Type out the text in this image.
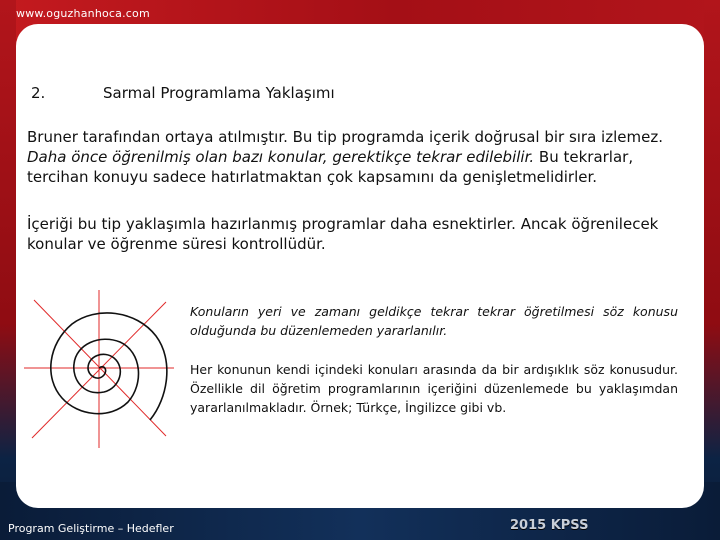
www.oguzhanhoca.com
2.	Sarmal Programlama Yaklaşımı
Bruner tarafından ortaya atılmıştır. Bu tip programda içerik doğrusal bir sıra izlemez. Daha önce öğrenilmiş olan bazı konular, gerektikçe tekrar edilebilir. Bu tekrarlar, tercihan konuyu sadece hatırlatmaktan çok kapsamını da genişletmelidirler.
İçeriği bu tip yaklaşımla hazırlanmış programlar daha esnektirler. Ancak öğrenilecek konular ve öğrenme süresi kontrollüdür.
Konuların yeri ve zamanı geldikçe tekrar tekrar öğretilmesi söz konusu olduğunda bu düzenlemeden yararlanılır.
Her konunun kendi içindeki konuları arasında da bir ardışıklık söz konusudur. Özellikle dil öğretim programlarının içeriğini düzenlemede bu yaklaşımdan yararlanılmakladır. Örnek; Türkçe, İngilizce gibi vb.
Program Geliştirme – Hedefler	2015 KPSS
